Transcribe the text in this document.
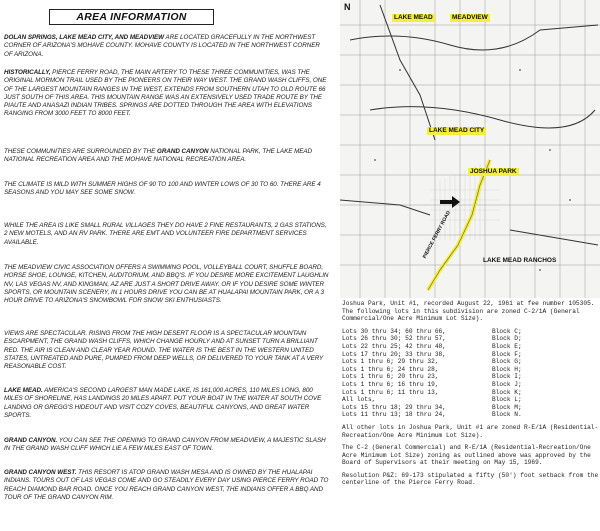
AREA INFORMATION
DOLAN SPRINGS, LAKE MEAD CITY, AND MEADVIEW ARE LOCATED GRACEFULLY IN THE NORTHWEST CORNER OF ARIZONA'S MOHAVE COUNTY. MOHAVE COUNTY IS LOCATED IN THE NORTHWEST CORNER OF ARIZONA.
HISTORICALLY, PIERCE FERRY ROAD, THE MAIN ARTERY TO THESE THREE COMMUNITIES, WAS THE ORIGINAL MORMON TRAIL USED BY THE PIONEERS ON THEIR WAY WEST. THE GRAND WASH CLIFFS, ONE OF THE LARGEST MOUNTAIN RANGES IN THE WEST, EXTENDS FROM SOUTHERN UTAH TO OLD ROUTE 66 JUST SOUTH OF THIS AREA. THIS MOUNTAIN RANGE WAS AN EXTENSIVELY USED TRADE ROUTE BY THE PIAUTE AND ANASAZI INDIAN TRIBES. SPRINGS ARE DOTTED THROUGH THE AREA WITH ELEVATIONS RANGING FROM 3000 FEET TO 8000 FEET.
THESE COMMUNITIES ARE SURROUNDED BY THE GRAND CANYON NATIONAL PARK, THE LAKE MEAD NATIONAL RECREATION AREA AND THE MOHAVE NATIONAL RECREATION AREA.
THE CLIMATE IS MILD WITH SUMMER HIGHS OF 90 TO 100 AND WINTER LOWS OF 30 TO 60. THERE ARE 4 SEASONS AND YOU MAY SEE SOME SNOW.
WHILE THE AREA IS LIKE SMALL RURAL VILLAGES THEY DO HAVE 2 FINE RESTAURANTS, 2 GAS STATIONS, 2 NEW MOTELS, AND AN RV PARK. THERE ARE EMT AND VOLUNTEER FIRE DEPARTMENT SERVICES AVAILABLE.
THE MEADVIEW CIVIC ASSOCIATION OFFERS A SWIMMING POOL, VOLLEYBALL COURT, SHUFFLE BOARD, HORSE SHOE, LOUNGE, KITCHEN, AUDITORIUM, AND BBQ'S. IF YOU DESIRE MORE EXCITEMENT LAUGHLIN NV, LAS VEGAS NV, AND KINGMAN, AZ ARE JUST A SHORT DRIVE AWAY. OR IF YOU DESIRE SOME WINTER SPORTS, OR MOUNTAIN SCENERY, IN 1 HOURS DRIVE YOU CAN BE AT HUALAPAI MOUNTAIN PARK, OR A 3 HOUR DRIVE TO ARIZONA'S SNOWBOWL FOR SNOW SKI ENTHUSIASTS.
VIEWS ARE SPECTACULAR. RISING FROM THE HIGH DESERT FLOOR IS A SPECTACULAR MOUNTAIN ESCARPMENT, THE GRAND WASH CLIFFS, WHICH CHANGE HOURLY AND AT SUNSET TURN A BRILLIANT RED. THE AIR IS CLEAN AND CLEAR YEAR ROUND. THE WATER IS THE BEST IN THE WESTERN UNITED STATES, UNTREATED AND PURE, PUMPED FROM DEEP WELLS, OR DELIVERED TO YOUR TANK AT A VERY REASONABLE COST.
LAKE MEAD. AMERICA'S SECOND LARGEST MAN MADE LAKE, IS 161,000 ACRES, 110 MILES LONG, 800 MILES OF SHORELINE, HAS LANDINGS 20 MILES APART. PUT YOUR BOAT IN THE WATER AT SOUTH COVE LANDING OR GREGG'S HIDEOUT AND VISIT COZY COVES, BEAUTIFUL CANYONS, AND GREAT WATER SPORTS.
GRAND CANYON. YOU CAN SEE THE OPENING TO GRAND CANYON FROM MEADVIEW, A MAJESTIC SLASH IN THE GRAND WASH CLIFF WHICH LIE A FEW MILES EAST OF TOWN.
GRAND CANYON WEST. THIS RESORT IS ATOP GRAND WASH MESA AND IS OWNED BY THE HUALAPAI INDIANS. TOURS OUT OF LAS VEGAS COME AND GO STEADILY EVERY DAY USING PIERCE FERRY ROAD TO REACH DIAMOND BAR ROAD. ONCE YOU REACH GRAND CANYON WEST, THE INDIANS OFFER A BBQ AND TOUR OF THE GRAND CANYON RIM.
N
LAKE MEAD	MEADVIEW
LAKE MEAD CITY
JOSHUA PARK
LAKE MEAD RANCHOS
PIERCE FERRY ROAD

Joshua Park, Unit #1, recorded August 22, 1961 at fee number 105305. The following lots in this subdivision are zoned C-2/1A (General Commercial/One Acre Minimum Lot Size).

Lots 30 thru 34; 60 thru 66,	Block C;
Lots 26 thru 30; 52 thru 57,	Block D;
Lots 22 thru 25; 42 thru 48,	Block E;
Lots 17 thru 20; 33 thru 38,	Block F;
Lots 1 thru 6; 29 thru 32,	Block G;
Lots 1 thru 6; 24 thru 28,	Block H;
Lots 1 thru 6; 20 thru 23,	Block I;
Lots 1 thru 6; 16 thru 19,	Block J;
Lots 1 thru 6; 11 thru 13,	Block K;
All lots,	Block L;
Lots 15 thru 18; 29 thru 34,	Block M;
Lots 11 thru 13; 18 thru 24,	Block N.

All other lots in Joshua Park, Unit #1 are zoned R-E/1A (Residential-Recreation/One Acre Minimum Lot Size).

The C-2 (General Commercial) and R-E/1A (Residential-Recreation/One Acre Minimum Lot Size) zoning as outlined above was approved by the Board of Supervisors at their meeting on May 15, 1969.

Resolution P&Z: 69-173 stipulated a fifty (50') foot setback from the centerline of the Pierce Ferry Road.
